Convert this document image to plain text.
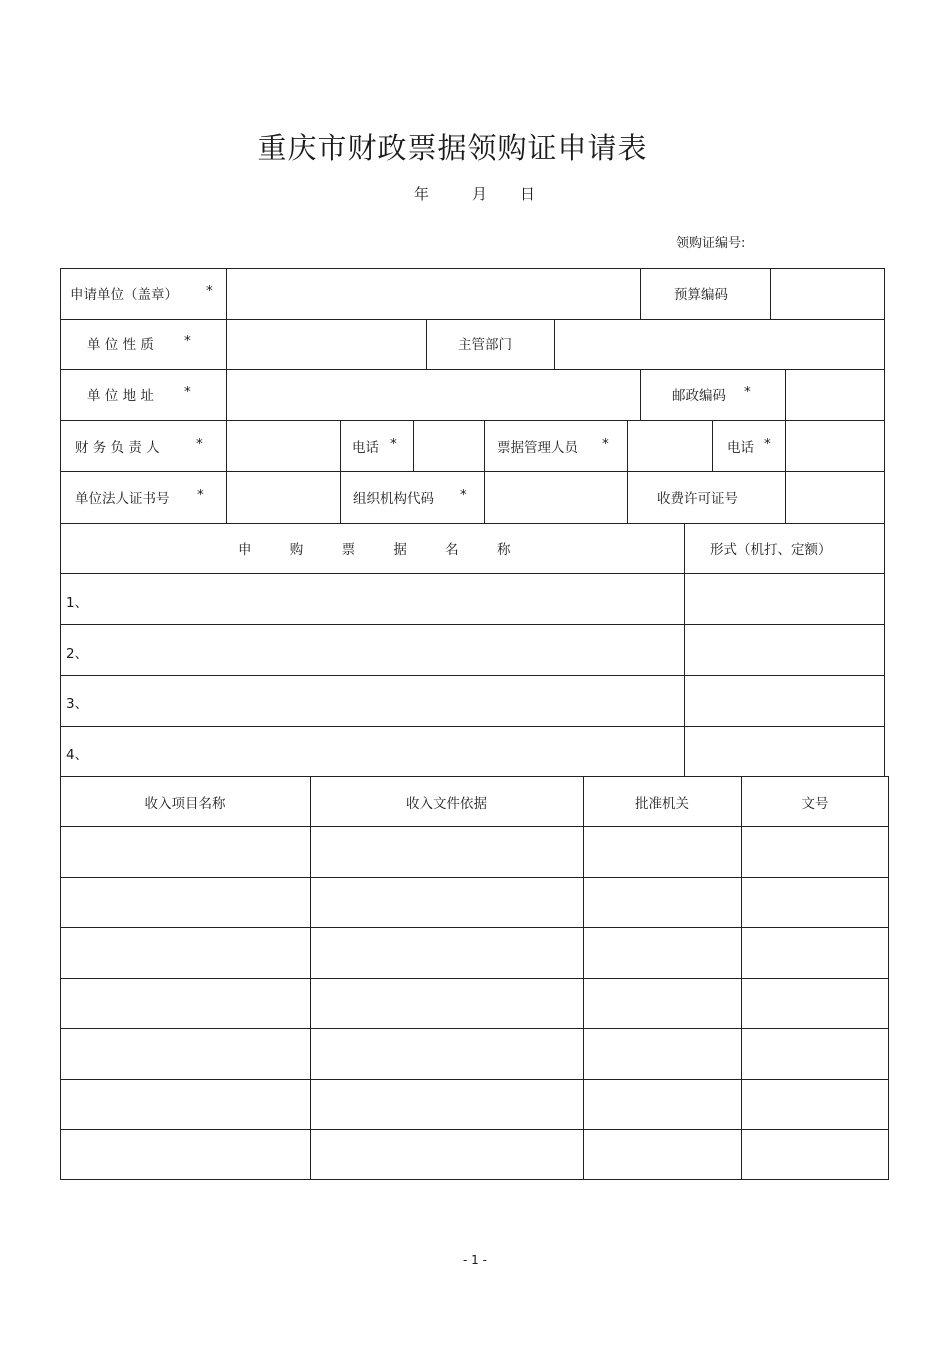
重庆市财政票据领购证申请表
年	月 日
领购证编号:
申请单位（盖章） *	预算编码
单 位 性 质 *	主管部门
单 位 地 址 *	邮政编码 *
财 务 负 责 人	*	电话 *	票据管理人员 *	电话 *
单位法人证书号 *	组织机构代码 *	收费许可证号
申 购 票 据 名 称	形式（机打、定额）
1、
2、
3、
4、
收入项目名称	收入文件依据	批准机关	文号
- 1 -
